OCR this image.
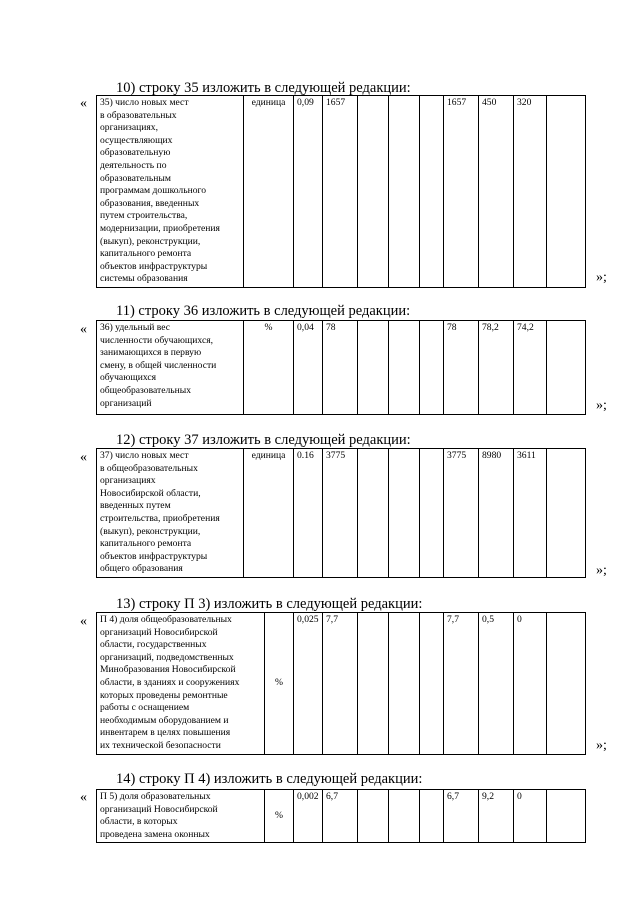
10) строку 35 изложить в следующей редакции:
« 35) число новых мест
в образовательных
организациях,
осуществляющих
образовательную
деятельность по
образовательным
программам дошкольного
образования, введенных
путем строительства,
модернизации, приобретения
(выкуп), реконструкции,
капитального ремонта
объектов инфраструктуры
системы образования	единица	0,09	1657				1657	450	320	
»;
11) строку 36 изложить в следующей редакции:
« 36) удельный вес
численности обучающихся,
занимающихся в первую
смену, в общей численности
обучающихся
общеобразовательных
организаций	%	0,04	78				78	78,2	74,2	
»;
12) строку 37 изложить в следующей редакции:
« 37) число новых мест
в общеобразовательных
организациях
Новосибирской области,
введенных путем
строительства, приобретения
(выкуп), реконструкции,
капитального ремонта
объектов инфраструктуры
общего образования	единица	0.16	3775				3775	8980	3611	
»;
13) строку П 3) изложить в следующей редакции:
« П 4) доля общеобразовательных
организаций Новосибирской
области, государственных
организаций, подведомственных
Минобразования Новосибирской
области, в зданиях и сооружениях
которых проведены ремонтные
работы с оснащением
необходимым оборудованием и
инвентарем в целях повышения
их технической безопасности	%	0,025	7,7				7,7	0,5	0	
»;
14) строку П 4) изложить в следующей редакции:
« П 5) доля образовательных
организаций Новосибирской
области, в которых
проведена замена оконных	%	0,002	6,7				6,7	9,2	0	
